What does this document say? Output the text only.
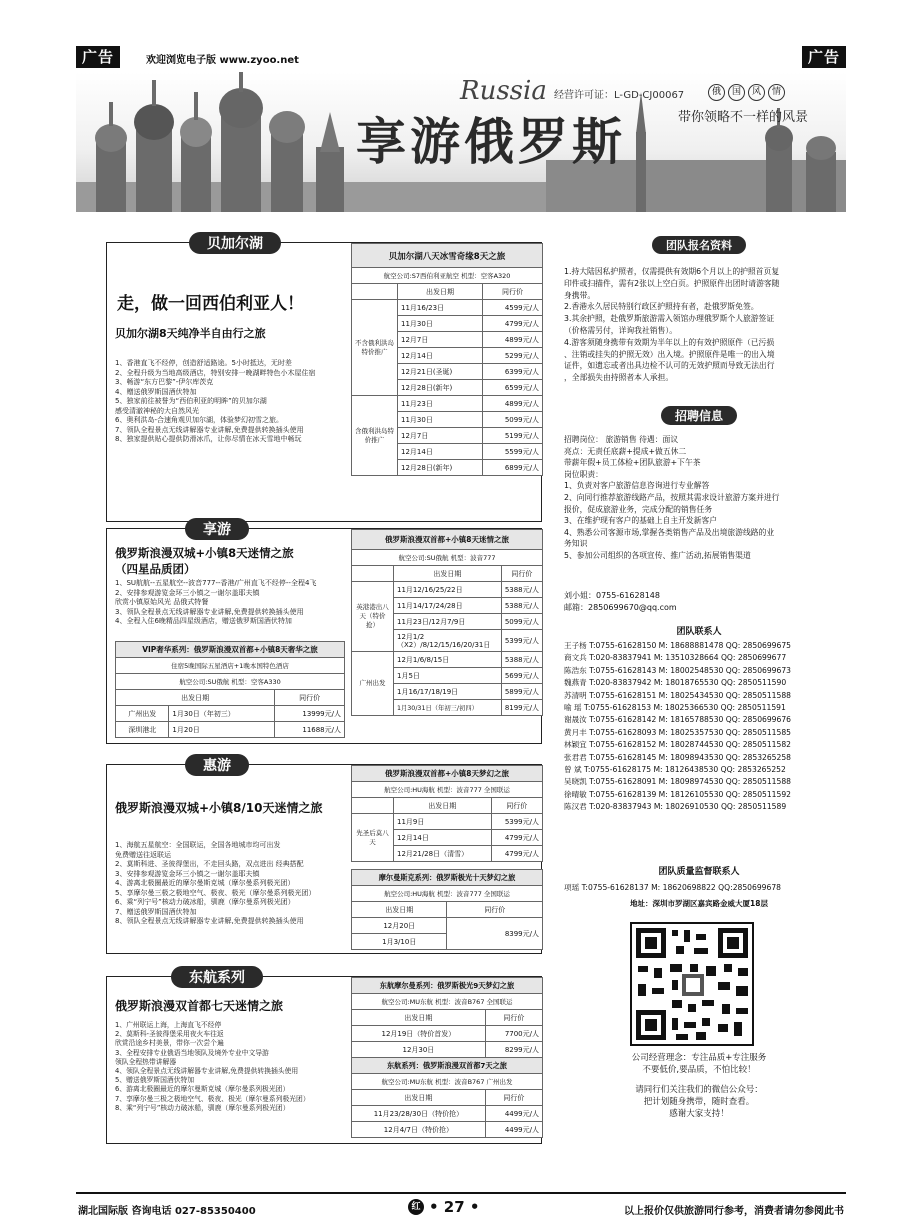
广告	欢迎浏览电子版 www.zyoo.net	广告
Russia
享游俄罗斯
经营许可证：L-GD-CJ00067	俄	国	风	情
带你领略不一样的风景
贝加尔湖
走，做一回西伯利亚人！
贝加尔湖8天纯净半自由行之旅
1、香港直飞不经停，创造舒适路途。5小时抵达，无时差
2、全程升级为当地高级酒店，特别安排一晚湖畔特色小木屋住宿
3、畅游“东方巴黎”-伊尔库茨克
4、赠送俄罗斯国酒伏特加
5、独家前往被誉为“西伯利亚的明眸”的贝加尔湖
感受清澈神秘的大自然风光
6、奥利洪岛-合速角观贝加尔湖，体验梦幻初雪之旅。
7、领队全程景点无线讲解器专业讲解,免费提供转换插头使用
8、独家提供贴心提供防滑冰爪，让你尽情在冰天雪地中畅玩
贝加尔湖八天冰雪奇缘8天之旅		
航空公司:S7西伯利亚航空 机型：空客A320		
	出发日期	同行价
不含俄利洪岛特价推广	11月16/23日	4599元/人
	11月30日	4799元/人
	12月7日	4899元/人
	12月14日	5299元/人
	12月21日(圣诞)	6399元/人
	12月28日(新年)	6599元/人
含俄利洪岛特价推广	11月23日	4899元/人
	11月30日	5099元/人
	12月7日	5199元/人
	12月14日	5599元/人
	12月28日(新年)	6899元/人
享游
俄罗斯浪漫双城+小镇8天迷情之旅
（四星品质团）
1、SU航航--五星航空--波音777--香港/广州直飞不经停--全程4飞
2、安排参观游览金环三小镇之一谢尔盖耶夫镇
欣赏小镇原始风光 品俄式特餐
3、领队全程景点无线讲解器专业讲解,免费提供转换插头使用
4、全程入住6晚精品四星级酒店，赠送俄罗斯国酒伏特加
VIP奢华系列：俄罗斯浪漫双首都+小镇8天奢华之旅		
住宿5晚国际五星酒店+1晚本国特色酒店		
航空公司:SU俄航 机型：空客A330		
出发日期		同行价
广州出发	1月30日（年初三）	13999元/人
深圳港北	1月20日	11688元/人
俄罗斯浪漫双首都+小镇8天迷情之旅		
航空公司:SU俄航 机型：波音777		
	出发日期	同行价
英港港出八天（特价抢）	11月12/16/25/22日	5388元/人
	11月14/17/24/28日	5388元/人
	11月23日/12月7/9日	5099元/人
	12月1/2（X2）/8/12/15/16/20/31日	5399元/人
广州出发	12月1/6/8/15日	5388元/人
	1月5日	5699元/人
	1月16/17/18/19日	5899元/人
	1月30/31日（年初三/初四）	8199元/人
惠游
俄罗斯浪漫双城+小镇8/10天迷情之旅
1、海航五星航空：全国联运，全国各地城市均可出发
免费赠送往返联运
2、莫斯科进、圣彼得堡出，不走回头路，双点进出 经典搭配
3、安排参观游览金环三小镇之一谢尔盖耶夫镇
4、游离北极圈最近的摩尔曼斯克城（摩尔曼系列极光团）
5、享摩尔曼三极之极地空气、极夜、极光（摩尔曼系列极光团）
6、乘“列宁号”核动力破冰船，驯鹿（摩尔曼系列极光团）
7、赠送俄罗斯国酒伏特加
8、领队全程景点无线讲解器专业讲解,免费提供转换插头使用
俄罗斯浪漫双首都+小镇8天梦幻之旅		
航空公司:HU海航 机型：波音777 全国联运		
	出发日期	同行价
先圣后莫八天	11月9日	5399元/人
	12月14日	4799元/人
	12月21/28日（清雪）	4799元/人
摩尔曼斯克系列：俄罗斯极光十天梦幻之旅	
航空公司:HU海航 机型：波音777 全国联运	
出发日期	同行价
12月20日	8399元/人
1月3/10日	
东航系列
俄罗斯浪漫双首都七天迷情之旅
1、广州联运上海，上海直飞不经停
2、莫斯科-圣彼得堡采用夜火车往返
欣赏沿途乡村美景，带你一次尝个遍
3、全程安排专业俄语当地领队及境外专业中文导游
领队全程热带讲解器
4、领队全程景点无线讲解器专业讲解,免费提供转换插头使用
5、赠送俄罗斯国酒伏特加
6、游离北极圈最近的摩尔曼斯克城（摩尔曼系列极光团）
7、享摩尔曼三极之极地空气、极夜、极光（摩尔曼系列极光团）
8、乘“列宁号”核动力破冰船，驯鹿（摩尔曼系列极光团）
东航摩尔曼系列：俄罗斯极光9天梦幻之旅	
航空公司:MU东航 机型：波音B767 全国联运	
出发日期	同行价
12月19日（特价首发）	7700元/人
12月30日	8299元/人
东航系列：俄罗斯浪漫双首都7天之旅	
航空公司:MU东航 机型：波音B767 广州出发	
出发日期	同行价
11月23/28/30日（特价抢）	4499元/人
12月4/7日（特价抢）	4499元/人
团队报名资料
1.持大陆因私护照者，仅需提供有效期6个月以上的护照首页复
印件或扫描件，需有2张以上空白页。护照原件出团时请游客随
身携带。
2.香港永久居民特别行政区护照持有者，赴俄罗斯免签。
3.其余护照，赴俄罗斯旅游需入领馆办理俄罗斯个人旅游签证
（价格需另付，详询我社销售）。
4.游客须随身携带有效期为半年以上的有效护照原件（已污损
、注销或挂失的护照无效）出入境。护照原件是唯一的出入境
证件，如遗忘或者出具边检不认可的无效护照而导致无法出行
，全部损失由持照者本人承担。
招聘信息
招聘岗位： 旅游销售 待遇：面议
亮点：无责任底薪+提成+做五休二
带薪年假+员工体检+团队旅游+下午茶
岗位职责：
1、负责对客户旅游信息咨询进行专业解答
2、向同行推荐旅游线路产品，按照其需求设计旅游方案并进行
报价，促成旅游业务，完成分配的销售任务
3、在维护现有客户的基础上自主开发新客户
4、熟悉公司客源市场,掌握各类销售产品及出境旅游线路的业
务知识
5、参加公司组织的各项宣传、推广活动,拓展销售渠道
刘小姐：0755-61628148
邮箱：2850699670@qq.com
团队联系人
王子杨 T:0755-61628150 M: 18688881478 QQ: 2850699675
商文兵 T:020-83837941 M: 13510328664 QQ: 2850699677
陈浩东 T:0755-61628143 M: 18002548530 QQ: 2850699673
魏燕青 T:020-83837942 M: 18018765530 QQ: 2850511590
苏清明 T:0755-61628151 M: 18025434530 QQ: 2850511588
喻 瑶 T:0755-61628153 M: 18025366530 QQ: 2850511591
谢晟汝 T:0755-61628142 M: 18165788530 QQ: 2850699676
黄月丰 T:0755-61628093 M: 18025357530 QQ: 2850511585
林颖宜 T:0755-61628152 M: 18028744530 QQ: 2850511582
张君君 T:0755-61628145 M: 18098943530 QQ: 2853265258
曾 斌 T:0755-61628175 M: 18126438530 QQ: 2853265252
吴晓凯 T:0755-61628091 M: 18098974530 QQ: 2850511588
徐晴敏 T:0755-61628139 M: 18126105530 QQ: 2850511592
陈汉君 T:020-83837943 M: 18026910530 QQ: 2850511589
团队质量监督联系人
项瑶 T:0755-61628137 M: 18620698822 QQ:2850699678
地址：深圳市罗湖区嘉宾路金威大厦18层
公司经营理念：专注品质+专注服务
不要低价,要品质，不怕比较！
请同行们关注我们的微信公众号：
把计划随身携带，随时查看。
感谢大家支持！
湖北国际版 咨询电话 027-85350400	红 • 27 •	以上报价仅供旅游同行参考，消费者请勿参阅此书
